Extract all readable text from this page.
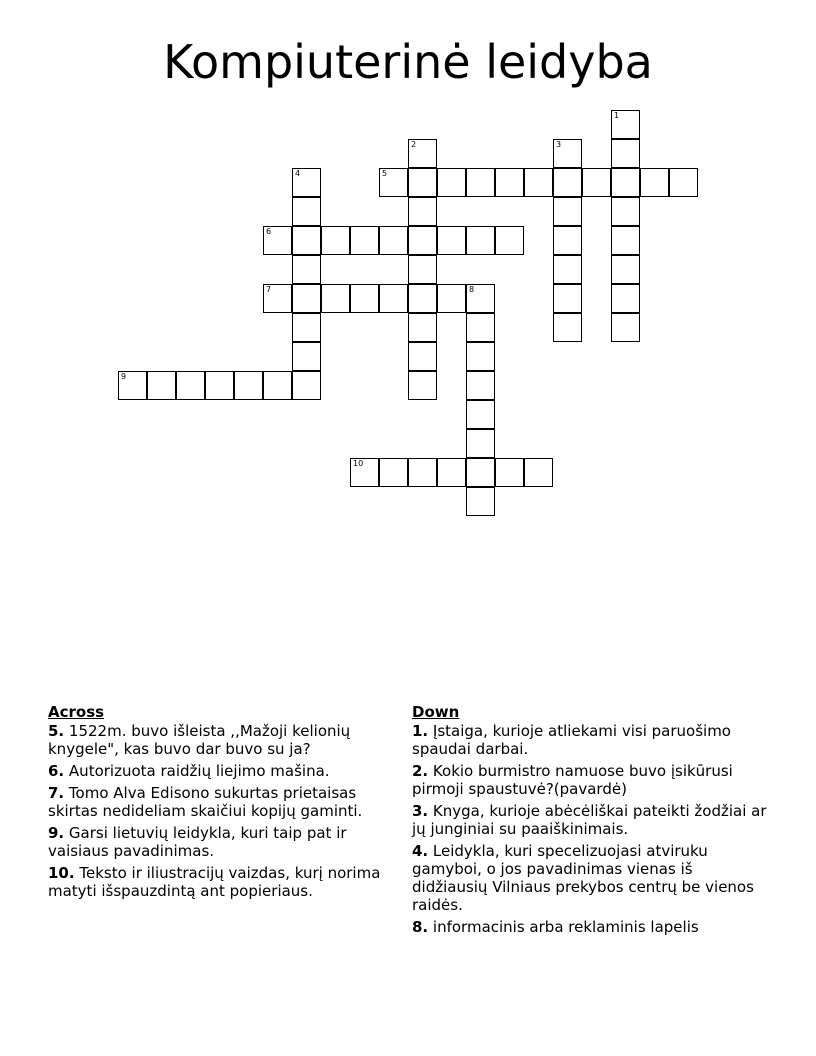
Kompiuterinė leidyba
5
6
7	8
9
10
1
2	3
4
Across
5. 1522m. buvo išleista ,,Mažoji kelionių knygele", kas buvo dar buvo su ja?
6. Autorizuota raidžių liejimo mašina.
7. Tomo Alva Edisono sukurtas prietaisas skirtas nedideliam skaičiui kopijų gaminti.
9. Garsi lietuvių leidykla, kuri taip pat ir vaisiaus pavadinimas.
10. Teksto ir iliustracijų vaizdas, kurį norima matyti išspauzdintą ant popieriaus.
Down
1. Įstaiga, kurioje atliekami visi paruošimo spaudai darbai.
2. Kokio burmistro namuose buvo įsikūrusi pirmoji spaustuvė?(pavardė)
3. Knyga, kurioje abėcėliškai pateikti žodžiai ar jų junginiai su paaiškinimais.
4. Leidykla, kuri specelizuojasi atviruku gamyboi, o jos pavadinimas vienas iš didžiausių Vilniaus prekybos centrų be vienos raidės.
8. informacinis arba reklaminis lapelis
